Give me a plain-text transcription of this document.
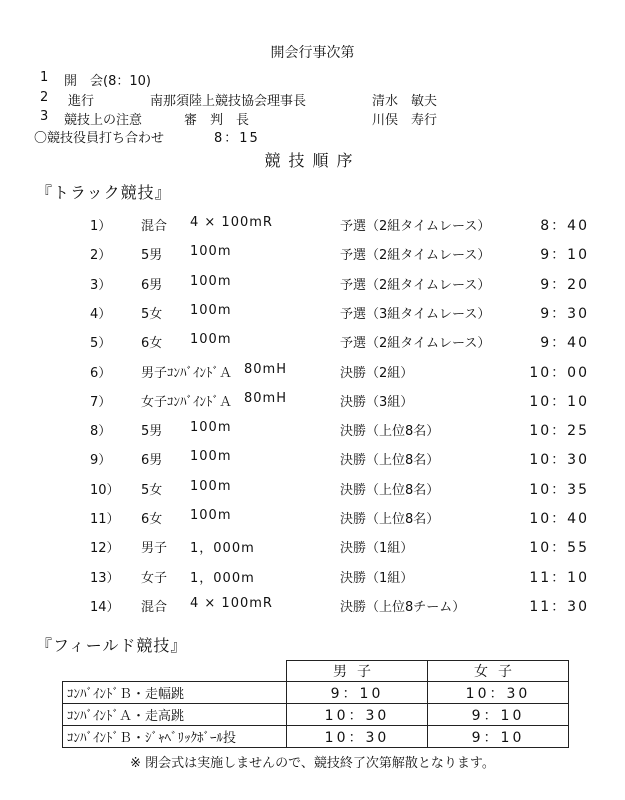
開会行事次第
1 開　会(8：10)
2 進行	南那須陸上競技協会理事長	清水　敏夫
3 競技上の注意	審　判　長	川俣　寿行
〇競技役員打ち合わせ	8：15
競技順序
『トラック競技』
1） 混合 4 × 100mR	予選（2組タイムレース）	8：40
2） 5男 100m	予選（2組タイムレース）	9：10
3） 6男 100m	予選（2組タイムレース）	9：20
4） 5女 100m	予選（3組タイムレース）	9：30
5） 6女 100m	予選（2組タイムレース）	9：40
6） 男子ｺﾝﾊﾞｲﾝﾄﾞＡ 80mH	決勝（2組）	10：00
7） 女子ｺﾝﾊﾞｲﾝﾄﾞＡ 80mH	決勝（3組）	10：10
8） 5男 100m	決勝（上位8名）	10：25
9） 6男 100m	決勝（上位8名）	10：30
10） 5女 100m	決勝（上位8名）	10：35
11） 6女 100m	決勝（上位8名）	10：40
12） 男子 1，000m	決勝（1組）	10：55
13） 女子 1，000m	決勝（1組）	11：10
14） 混合 4 × 100mR	決勝（上位8チーム）	11：30
『フィールド競技』
	男子	女子
ｺﾝﾊﾞｲﾝﾄﾞＢ・走幅跳	9：10	10：30
ｺﾝﾊﾞｲﾝﾄﾞＡ・走高跳	10：30	9：10
ｺﾝﾊﾞｲﾝﾄﾞＢ・ｼﾞｬﾍﾞﾘｯｸﾎﾞｰﾙ投	10：30	9：10
※ 閉会式は実施しませんので、競技終了次第解散となります。
